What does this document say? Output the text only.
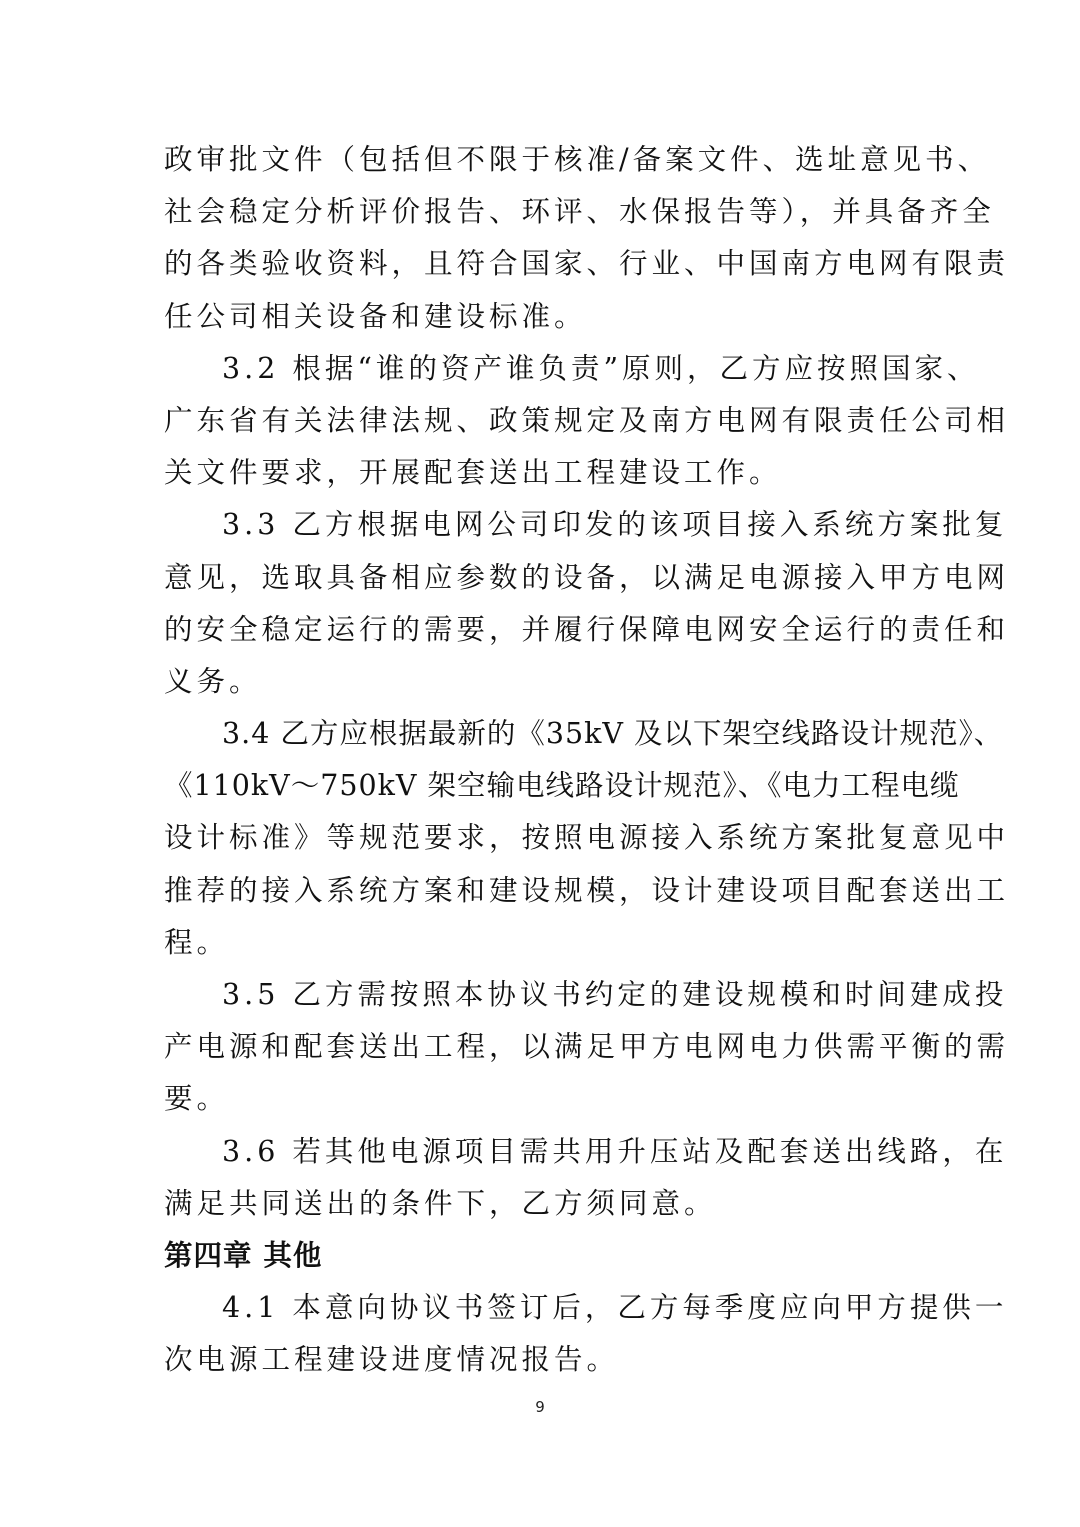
政审批文件（包括但不限于核准/备案文件、选址意见书、
社会稳定分析评价报告、环评、水保报告等），并具备齐全
的各类验收资料，且符合国家、行业、中国南方电网有限责
任公司相关设备和建设标准。
3.2 根据“谁的资产谁负责”原则，乙方应按照国家、
广东省有关法律法规、政策规定及南方电网有限责任公司相
关文件要求，开展配套送出工程建设工作。
3.3 乙方根据电网公司印发的该项目接入系统方案批复
意见，选取具备相应参数的设备，以满足电源接入甲方电网
的安全稳定运行的需要，并履行保障电网安全运行的责任和
义务。
3.4 乙方应根据最新的《35kV 及以下架空线路设计规范》、
《110kV～750kV 架空输电线路设计规范》、《电力工程电缆
设计标准》等规范要求，按照电源接入系统方案批复意见中
推荐的接入系统方案和建设规模，设计建设项目配套送出工
程。
3.5 乙方需按照本协议书约定的建设规模和时间建成投
产电源和配套送出工程，以满足甲方电网电力供需平衡的需
要。
3.6 若其他电源项目需共用升压站及配套送出线路，在
满足共同送出的条件下，乙方须同意。
第四章 其他
4.1 本意向协议书签订后，乙方每季度应向甲方提供一
次电源工程建设进度情况报告。
9
